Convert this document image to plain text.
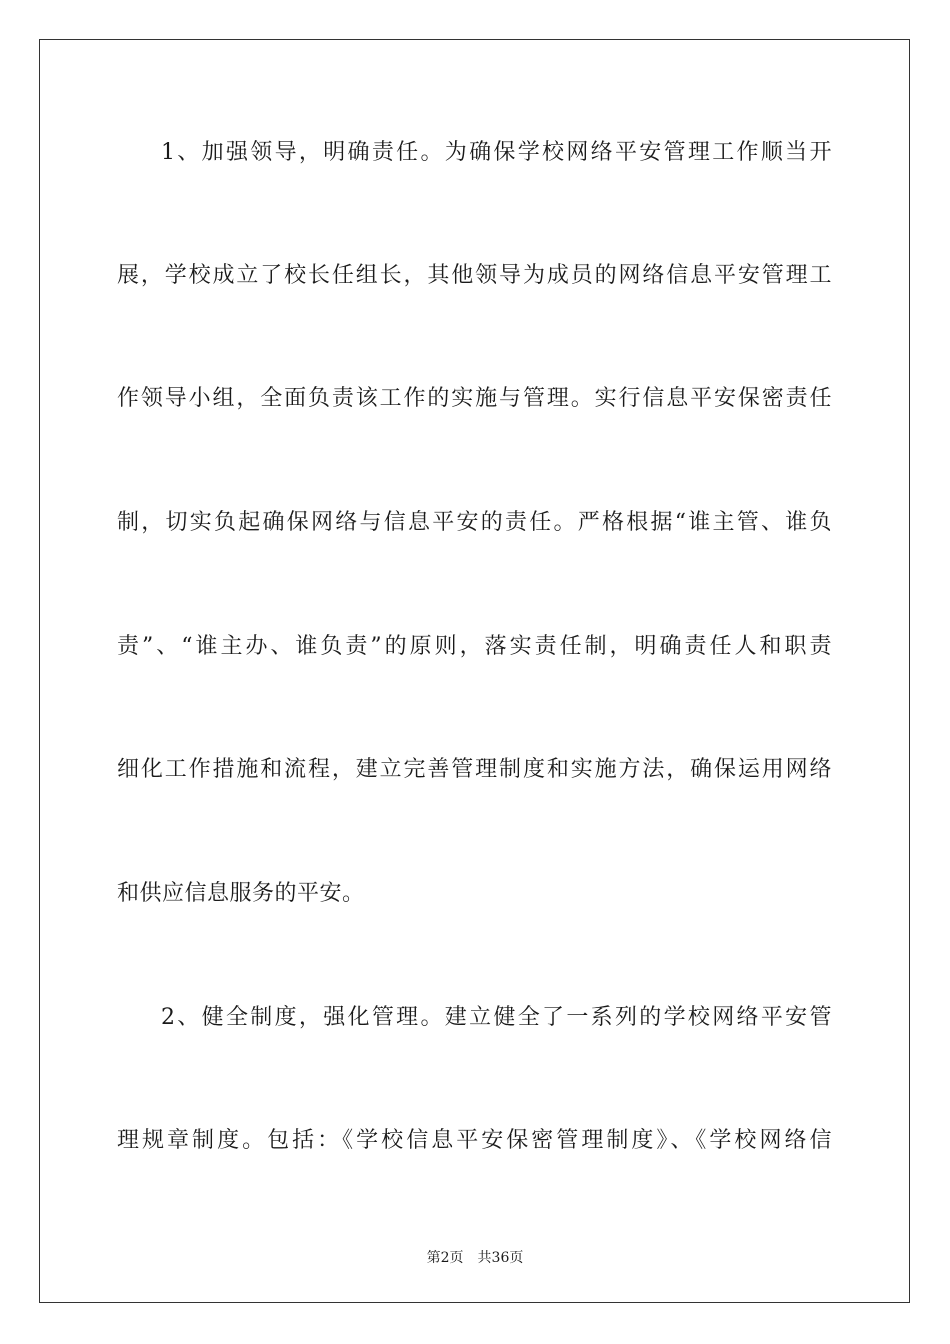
1、加强领导，明确责任。为确保学校网络平安管理工作顺当开
展，学校成立了校长任组长，其他领导为成员的网络信息平安管理工
作领导小组，全面负责该工作的实施与管理。实行信息平安保密责任
制，切实负起确保网络与信息平安的责任。严格根据“谁主管、谁负
责”、“谁主办、谁负责”的原则，落实责任制，明确责任人和职责
细化工作措施和流程，建立完善管理制度和实施方法，确保运用网络
和供应信息服务的平安。
2、健全制度，强化管理。建立健全了一系列的学校网络平安管
理规章制度。包括：《学校信息平安保密管理制度》、《学校网络信
第2页 共36页
